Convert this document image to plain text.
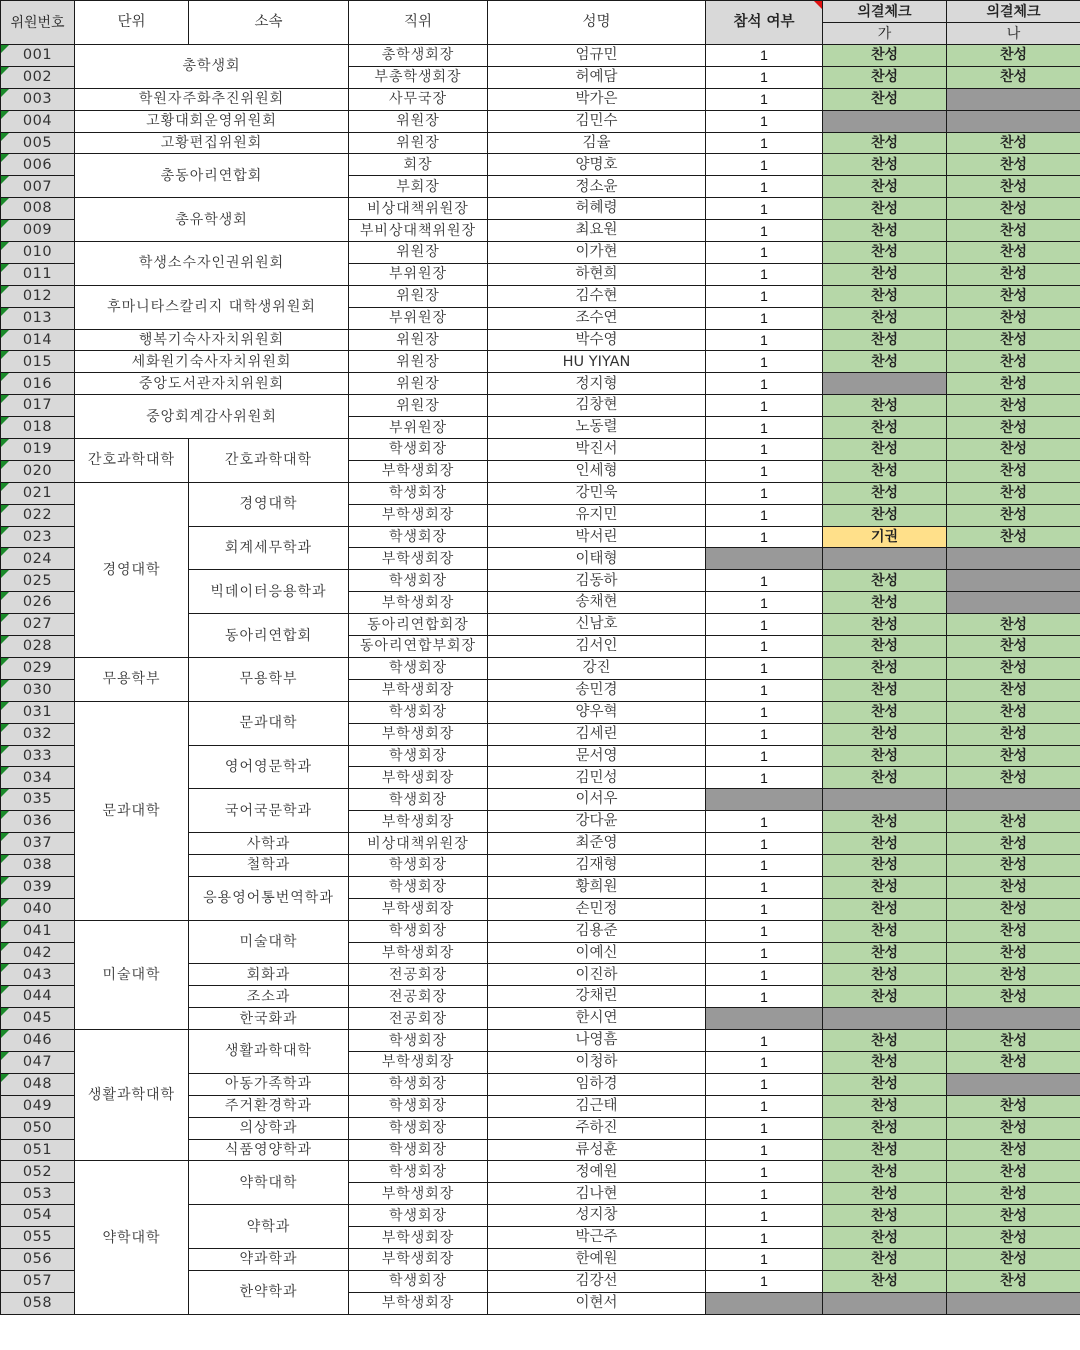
위원번호	단위	소속	직위	성명	참석 여부	의결체크	의결체크
						가	나

001	총학생회		총학생회장	엄규민	1	찬성	찬성

002			부총학생회장	허예담	1	찬성	찬성

003	학원자주화추진위원회		사무국장	박가은	1	찬성	

004	고황대회운영위원회		위원장	김민수	1		

005	고황편집위원회		위원장	김율	1	찬성	찬성

006	총동아리연합회		회장	양명호	1	찬성	찬성

007			부회장	정소윤	1	찬성	찬성

008	총유학생회		비상대책위원장	허혜령	1	찬성	찬성

009			부비상대책위원장	최요원	1	찬성	찬성

010	학생소수자인권위원회		위원장	이가현	1	찬성	찬성

011			부위원장	하현희	1	찬성	찬성

012	후마니타스칼리지 대학생위원회		위원장	김수현	1	찬성	찬성

013			부위원장	조수연	1	찬성	찬성

014	행복기숙사자치위원회		위원장	박수영	1	찬성	찬성

015	세화원기숙사자치위원회		위원장	HU YIYAN	1	찬성	찬성

016	중앙도서관자치위원회		위원장	정지형	1		찬성

017	중앙회계감사위원회		위원장	김창현	1	찬성	찬성

018			부위원장	노동렬	1	찬성	찬성

019	간호과학대학	간호과학대학	학생회장	박진서	1	찬성	찬성

020			부학생회장	인세형	1	찬성	찬성

021	경영대학	경영대학	학생회장	강민욱	1	찬성	찬성

022			부학생회장	유지민	1	찬성	찬성

023		회계세무학과	학생회장	박서린	1	기권	찬성

024			부학생회장	이태형			

025		빅데이터응용학과	학생회장	김동하	1	찬성	

026			부학생회장	송채현	1	찬성	

027		동아리연합회	동아리연합회장	신남호	1	찬성	찬성

028			동아리연합부회장	김서인	1	찬성	찬성

029	무용학부	무용학부	학생회장	강진	1	찬성	찬성

030			부학생회장	송민경	1	찬성	찬성

031	문과대학	문과대학	학생회장	양우혁	1	찬성	찬성

032			부학생회장	김세린	1	찬성	찬성

033		영어영문학과	학생회장	문서영	1	찬성	찬성

034			부학생회장	김민성	1	찬성	찬성

035		국어국문학과	학생회장	이서우			

036			부학생회장	강다윤	1	찬성	찬성

037		사학과	비상대책위원장	최준영	1	찬성	찬성

038		철학과	학생회장	김재형	1	찬성	찬성

039		응용영어통번역학과	학생회장	황희원	1	찬성	찬성

040			부학생회장	손민정	1	찬성	찬성

041	미술대학	미술대학	학생회장	김용준	1	찬성	찬성

042			부학생회장	이예신	1	찬성	찬성

043		회화과	전공회장	이진하	1	찬성	찬성

044		조소과	전공회장	강채린	1	찬성	찬성

045		한국화과	전공회장	한시연			

046	생활과학대학	생활과학대학	학생회장	나영흠	1	찬성	찬성

047			부학생회장	이청하	1	찬성	찬성

048		아동가족학과	학생회장	임하경	1	찬성	
049		주거환경학과	학생회장	김근태	1	찬성	찬성
050		의상학과	학생회장	주하진	1	찬성	찬성
051		식품영양학과	학생회장	류성훈	1	찬성	찬성
052	약학대학	약학대학	학생회장	정예원	1	찬성	찬성
053			부학생회장	김나현	1	찬성	찬성
054		약학과	학생회장	성지창	1	찬성	찬성
055			부학생회장	박근주	1	찬성	찬성
056		약과학과	부학생회장	한예원	1	찬성	찬성
057		한약학과	학생회장	김강선	1	찬성	찬성
058			부학생회장	이현서			
